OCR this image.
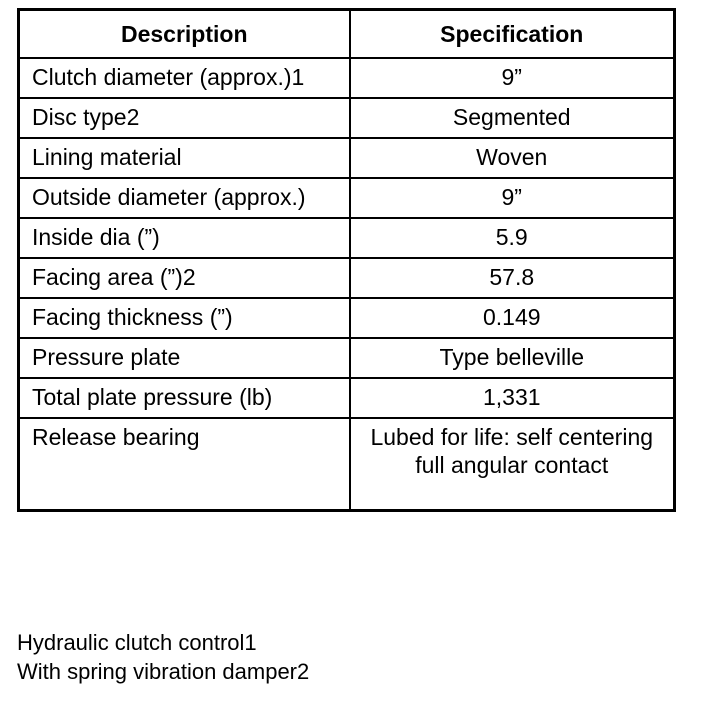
Description	Specification
Clutch diameter (approx.)1	9”
Disc type2	Segmented
Lining material	Woven
Outside diameter (approx.)	9”
Inside dia (”)	5.9
Facing area (”)2	57.8
Facing thickness (”)	0.149
Pressure plate	Type belleville
Total plate pressure (lb)	1,331
Release bearing	Lubed for life: self centering full angular contact
Hydraulic clutch control1
With spring vibration damper2
